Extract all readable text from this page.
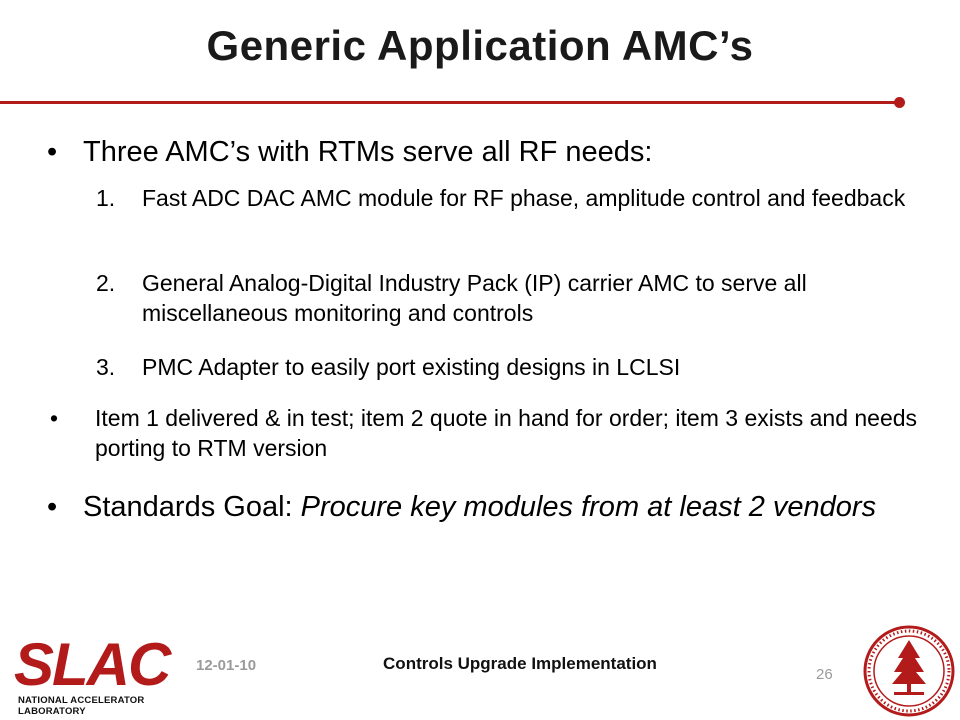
Generic Application AMC’s
• Three AMC’s with RTMs serve all RF needs:
1. Fast ADC DAC AMC module for RF phase, amplitude control and feedback
2. General Analog-Digital Industry Pack (IP) carrier AMC to serve all miscellaneous monitoring and controls
3. PMC Adapter to easily port existing designs in LCLSI
• Item 1 delivered & in test; item 2 quote in hand for order; item 3 exists and needs porting to RTM version
• Standards Goal: Procure key modules from at least 2 vendors
SLAC
NATIONAL ACCELERATOR LABORATORY
12-01-10	Controls Upgrade Implementation
26
